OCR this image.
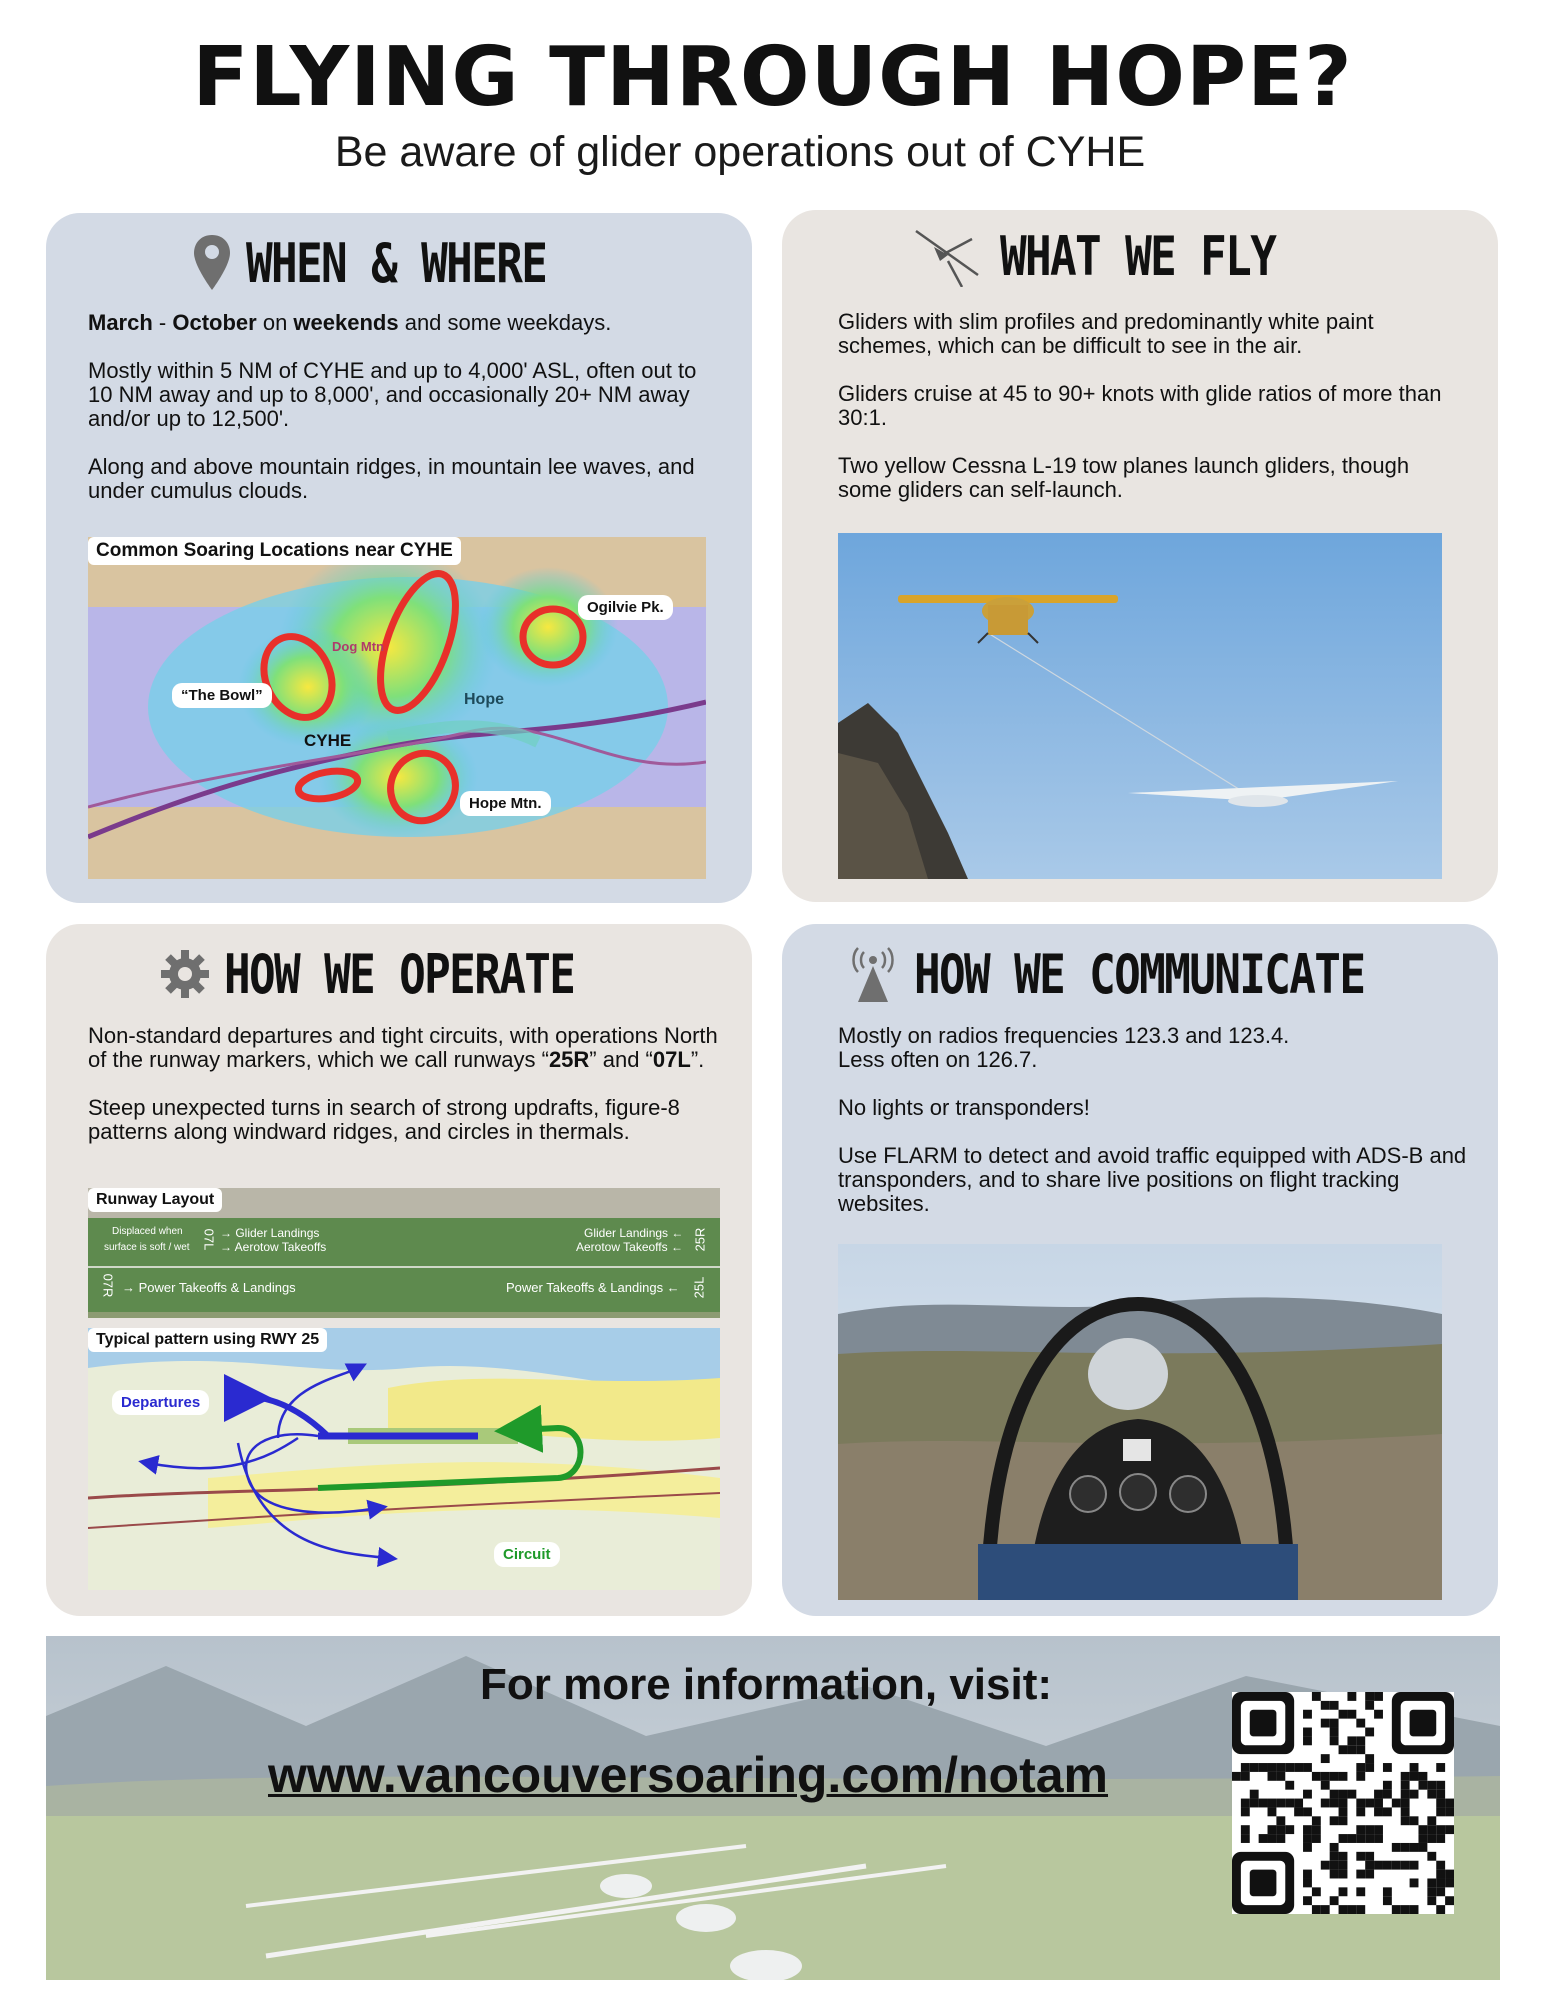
FLYING THROUGH HOPE?
Be aware of glider operations out of CYHE
WHEN & WHERE

March - October on weekends and some weekdays.

Mostly within 5 NM of CYHE and up to 4,000' ASL, often out to 10 NM away and up to 8,000', and occasionally 20+ NM away and/or up to 12,500'.

Along and above mountain ridges, in mountain lee waves, and under cumulus clouds.

Common Soaring Locations near CYHE
Ogilvie Pk.
“The Bowl”
Dog Mtn
Hope
CYHE
Hope Mtn.
WHAT WE FLY

Gliders with slim profiles and predominantly white paint schemes, which can be difficult to see in the air.

Gliders cruise at 45 to 90+ knots with glide ratios of more than 30:1.

Two yellow Cessna L-19 tow planes launch gliders, though some gliders can self-launch.

HOW WE OPERATE

Non-standard departures and tight circuits, with operations North of the runway markers, which we call runways “25R” and “07L”.

Steep unexpected turns in search of strong updrafts, figure-8 patterns along windward ridges, and circles in thermals.

Runway Layout
Displaced when
surface is soft / wet 07L
07R
→ Glider Landings
→ Aerotow Takeoffs
→ Power Takeoffs & Landings
Glider Landings ←
Aerotow Takeoffs ←
Power Takeoffs & Landings ←
25R
25L
Typical pattern using RWY 25
Departures
Circuit
HOW WE COMMUNICATE

Mostly on radios frequencies 123.3 and 123.4. Less often on 126.7.

No lights or transponders!

Use FLARM to detect and avoid traffic equipped with ADS-B and transponders, and to share live positions on flight tracking websites.

For more information, visit:
www.vancouversoaring.com/notam
